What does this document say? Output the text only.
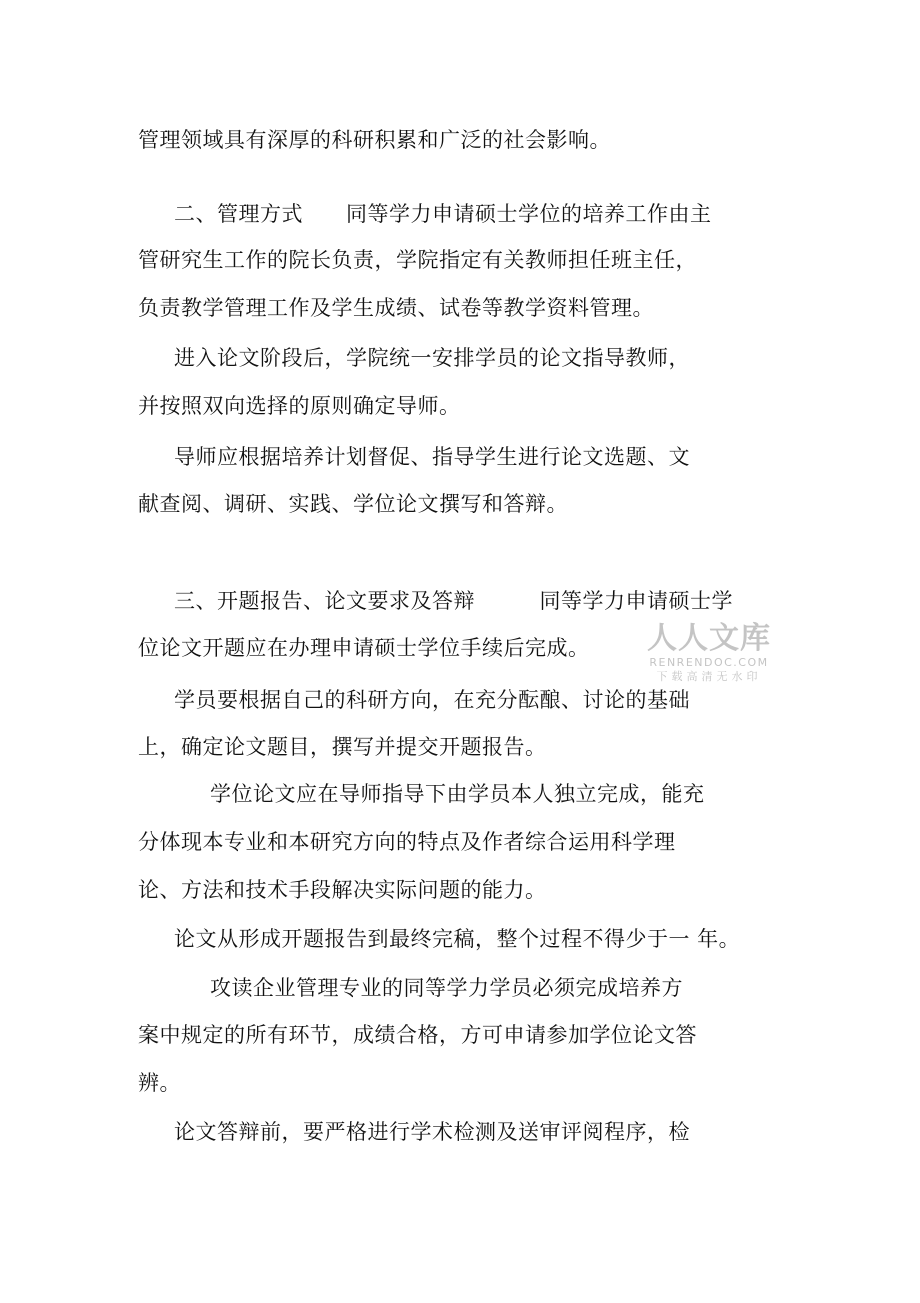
管理领域具有深厚的科研积累和广泛的社会影响。
二、管理方式　　同等学力申请硕士学位的培养工作由主
管研究生工作的院长负责，学院指定有关教师担任班主任，
负责教学管理工作及学生成绩、试卷等教学资料管理。
进入论文阶段后，学院统一安排学员的论文指导教师，
并按照双向选择的原则确定导师。
导师应根据培养计划督促、指导学生进行论文选题、文
献查阅、调研、实践、学位论文撰写和答辩。
三、开题报告、论文要求及答辩　　　同等学力申请硕士学
位论文开题应在办理申请硕士学位手续后完成。
学员要根据自己的科研方向，在充分酝酿、讨论的基础
上，确定论文题目，撰写并提交开题报告。
学位论文应在导师指导下由学员本人独立完成，能充
分体现本专业和本研究方向的特点及作者综合运用科学理
论、方法和技术手段解决实际问题的能力。
论文从形成开题报告到最终完稿，整个过程不得少于一 年。
攻读企业管理专业的同等学力学员必须完成培养方
案中规定的所有环节，成绩合格，方可申请参加学位论文答
辨。
论文答辩前，要严格进行学术检测及送审评阅程序，检
人人文库
RENRENDOC.COM
下载高清无水印
